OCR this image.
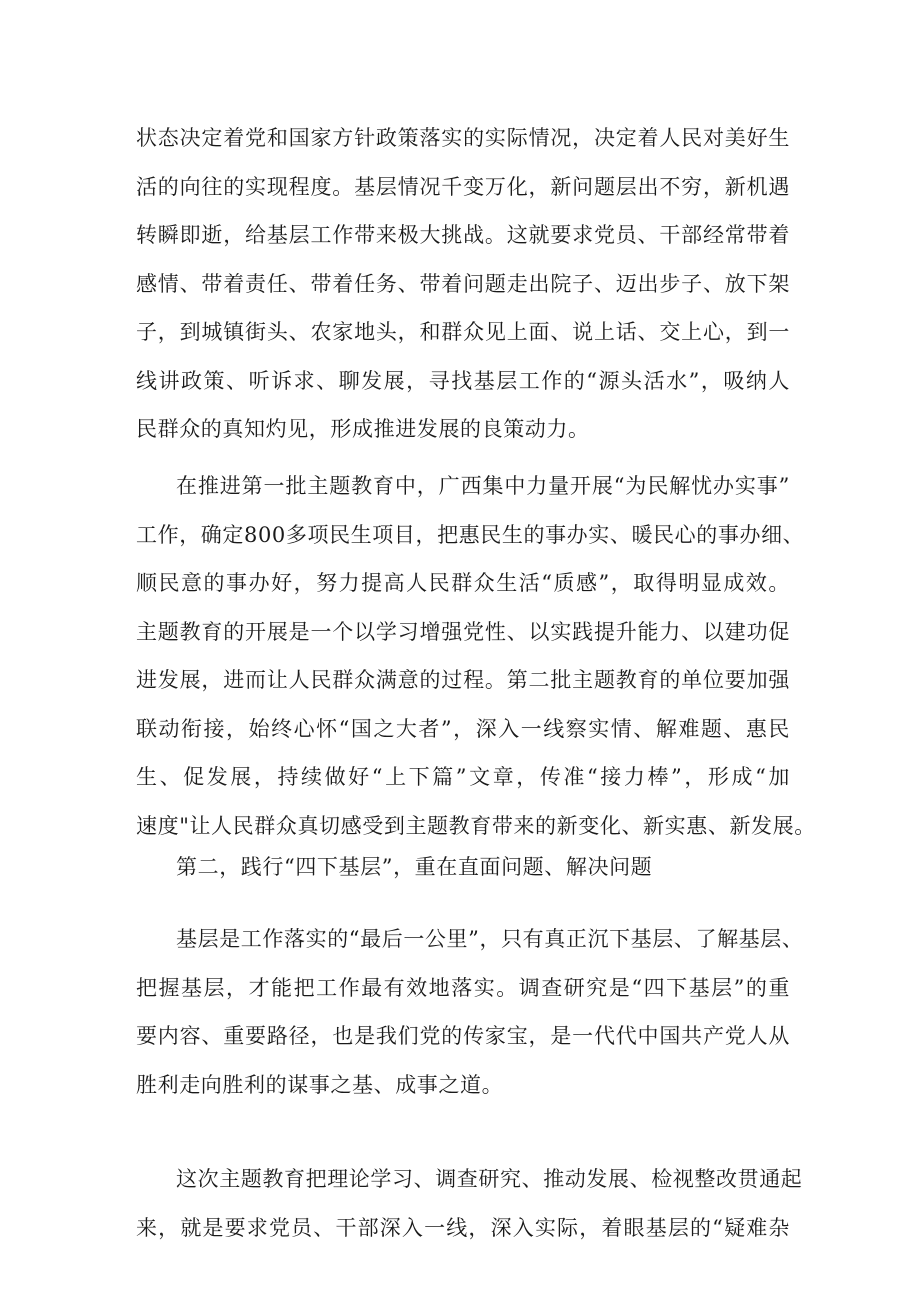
状态决定着党和国家方针政策落实的实际情况，决定着人民对美好生
活的向往的实现程度。基层情况千变万化，新问题层出不穷，新机遇
转瞬即逝，给基层工作带来极大挑战。这就要求党员、干部经常带着
感情、带着责任、带着任务、带着问题走出院子、迈出步子、放下架
子，到城镇街头、农家地头，和群众见上面、说上话、交上心，到一
线讲政策、听诉求、聊发展，寻找基层工作的“源头活水”，吸纳人
民群众的真知灼见，形成推进发展的良策动力。
在推进第一批主题教育中，广西集中力量开展“为民解忧办实事”
工作，确定800多项民生项目，把惠民生的事办实、暖民心的事办细、
顺民意的事办好，努力提高人民群众生活“质感”，取得明显成效。
主题教育的开展是一个以学习增强党性、以实践提升能力、以建功促
进发展，进而让人民群众满意的过程。第二批主题教育的单位要加强
联动衔接，始终心怀“国之大者”，深入一线察实情、解难题、惠民
生、促发展，持续做好“上下篇”文章，传准“接力棒”，形成“加
速度"让人民群众真切感受到主题教育带来的新变化、新实惠、新发展。
第二，践行“四下基层”，重在直面问题、解决问题
基层是工作落实的“最后一公里”，只有真正沉下基层、了解基层、
把握基层，才能把工作最有效地落实。调查研究是“四下基层”的重
要内容、重要路径，也是我们党的传家宝，是一代代中国共产党人从
胜利走向胜利的谋事之基、成事之道。
这次主题教育把理论学习、调查研究、推动发展、检视整改贯通起
来，就是要求党员、干部深入一线，深入实际，着眼基层的“疑难杂
